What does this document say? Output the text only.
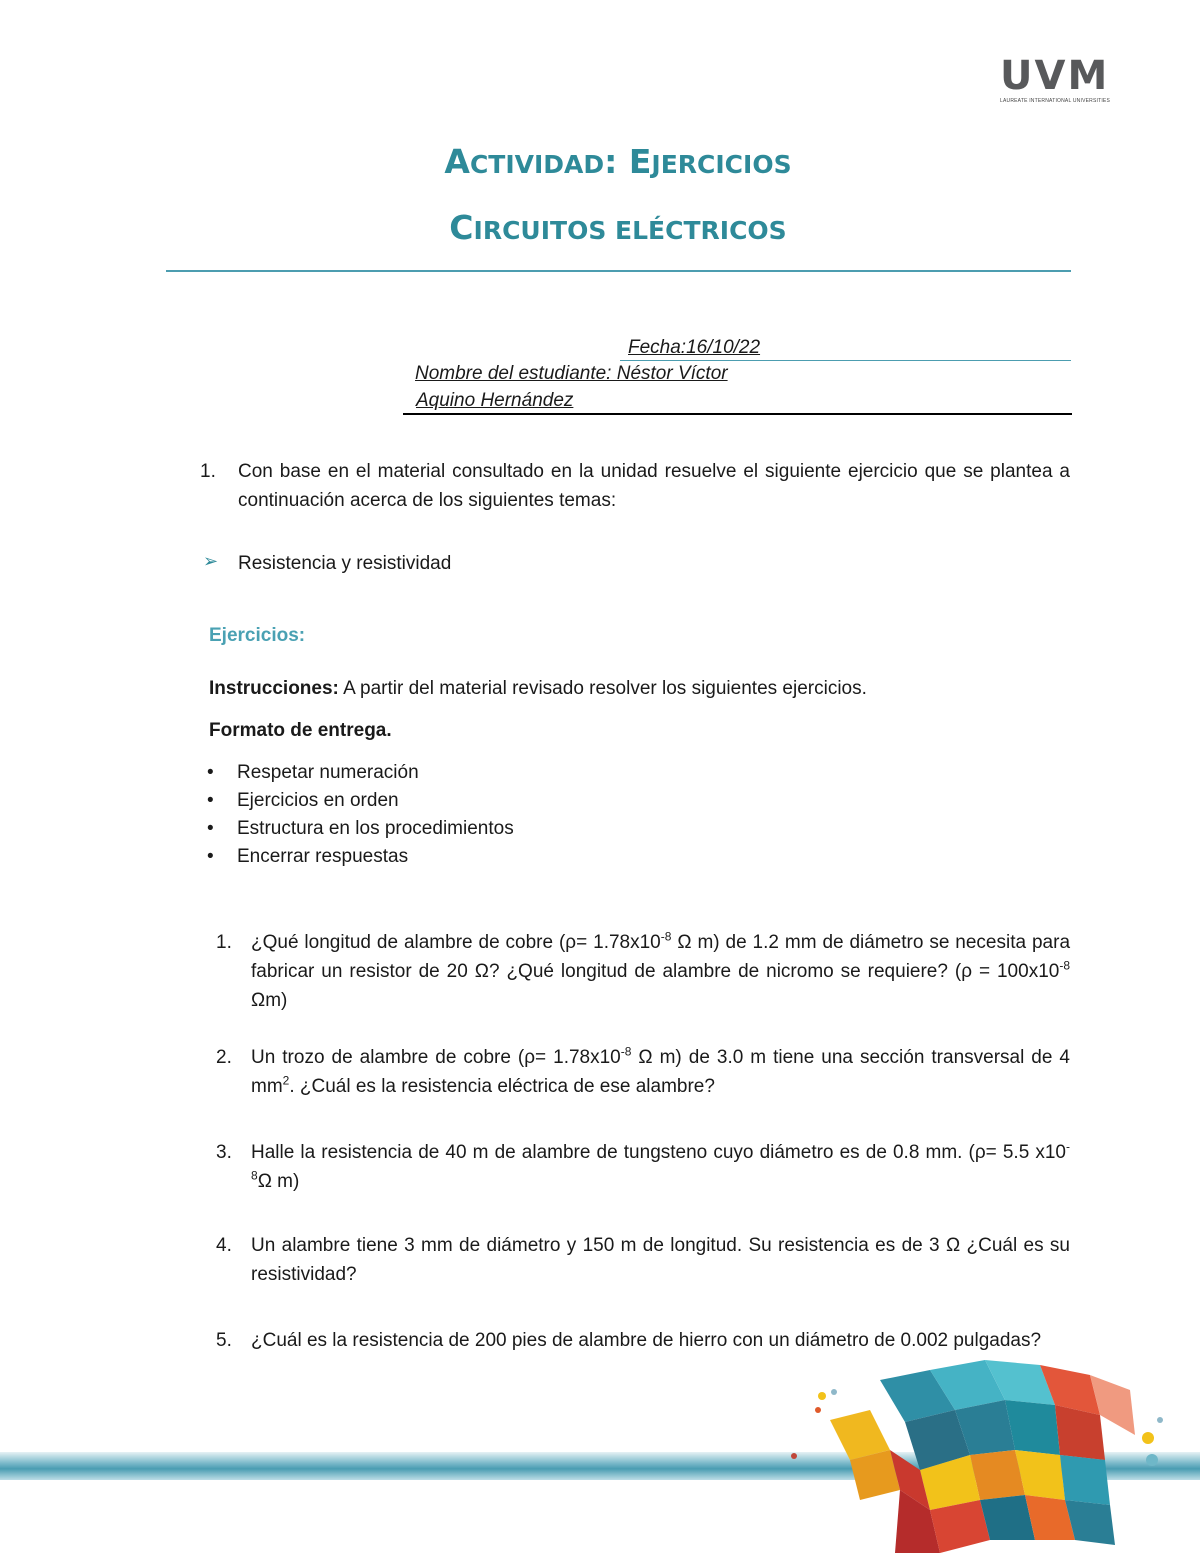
UVM
LAUREATE INTERNATIONAL UNIVERSITIES
ACTIVIDAD: EJERCICIOS
CIRCUITOS ELÉCTRICOS
Fecha:16/10/22
Nombre del estudiante: Néstor Víctor
Aquino Hernández
1. Con base en el material consultado en la unidad resuelve el siguiente ejercicio que se plantea a continuación acerca de los siguientes temas:
➢ Resistencia y resistividad
Ejercicios:
Instrucciones: A partir del material revisado resolver los siguientes ejercicios.
Formato de entrega.
• Respetar numeración
• Ejercicios en orden
• Estructura en los procedimientos
• Encerrar respuestas
1. ¿Qué longitud de alambre de cobre ($\rho= 1.78x10^{-8}$ Ω m) de 1.2 mm de diámetro se necesita para fabricar un resistor de 20 Ω? ¿Qué longitud de alambre de nicromo se requiere? ($\rho = 100x10^{-8}$ Ωm)
2. Un trozo de alambre de cobre ($\rho= 1.78x10^{-8}$ Ω m) de 3.0 m tiene una sección transversal de 4 $mm^2$. ¿Cuál es la resistencia eléctrica de ese alambre?
3. Halle la resistencia de 40 m de alambre de tungsteno cuyo diámetro es de 0.8 mm. (ρ= 5.5 $x10^{-8}\Omega$ m)
4. Un alambre tiene 3 mm de diámetro y 150 m de longitud. Su resistencia es de 3 Ω ¿Cuál es su resistividad?
5. ¿Cuál es la resistencia de 200 pies de alambre de hierro con un diámetro de 0.002 pulgadas?
